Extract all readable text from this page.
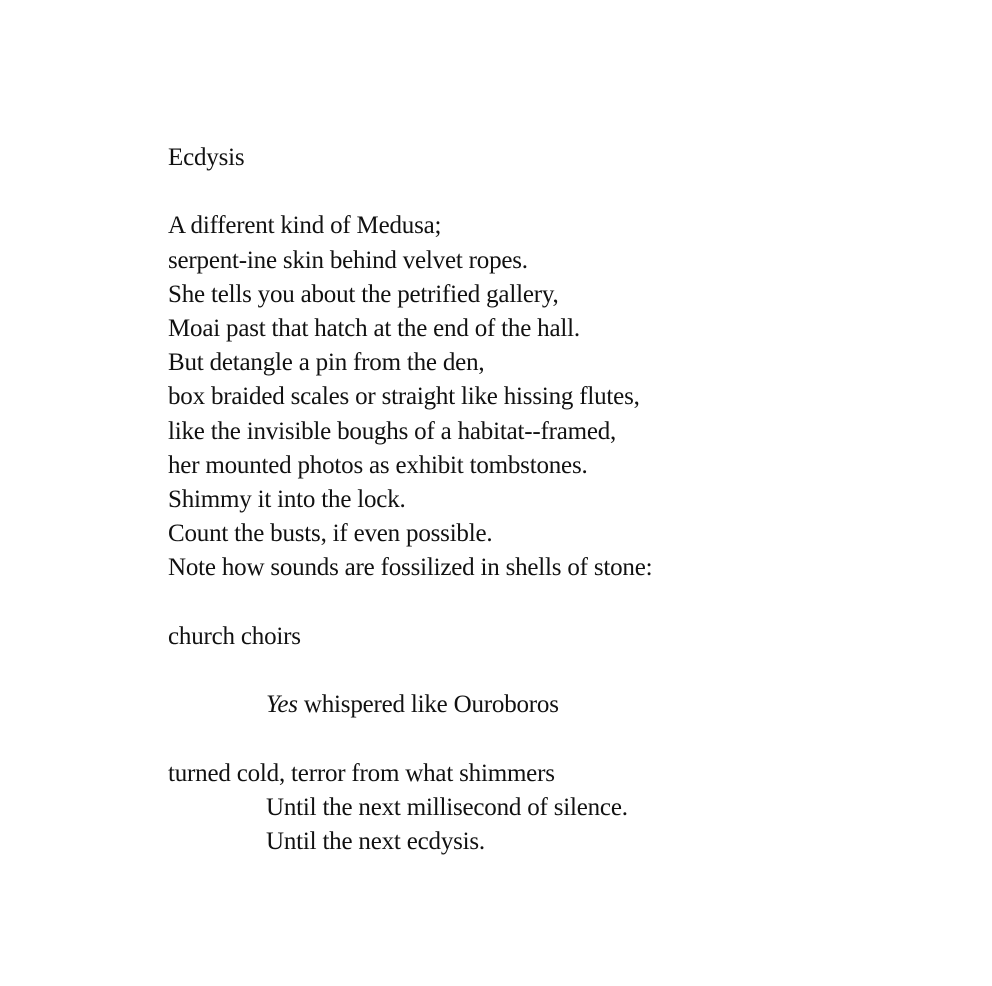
Ecdysis
A different kind of Medusa;
serpent-ine skin behind velvet ropes.
She tells you about the petrified gallery,
Moai past that hatch at the end of the hall.
But detangle a pin from the den,
box braided scales or straight like hissing flutes,
like the invisible boughs of a habitat--framed,
her mounted photos as exhibit tombstones.
Shimmy it into the lock.
Count the busts, if even possible.
Note how sounds are fossilized in shells of stone:
church choirs
Yes whispered like Ouroboros
turned cold, terror from what shimmers
Until the next millisecond of silence.
Until the next ecdysis.
